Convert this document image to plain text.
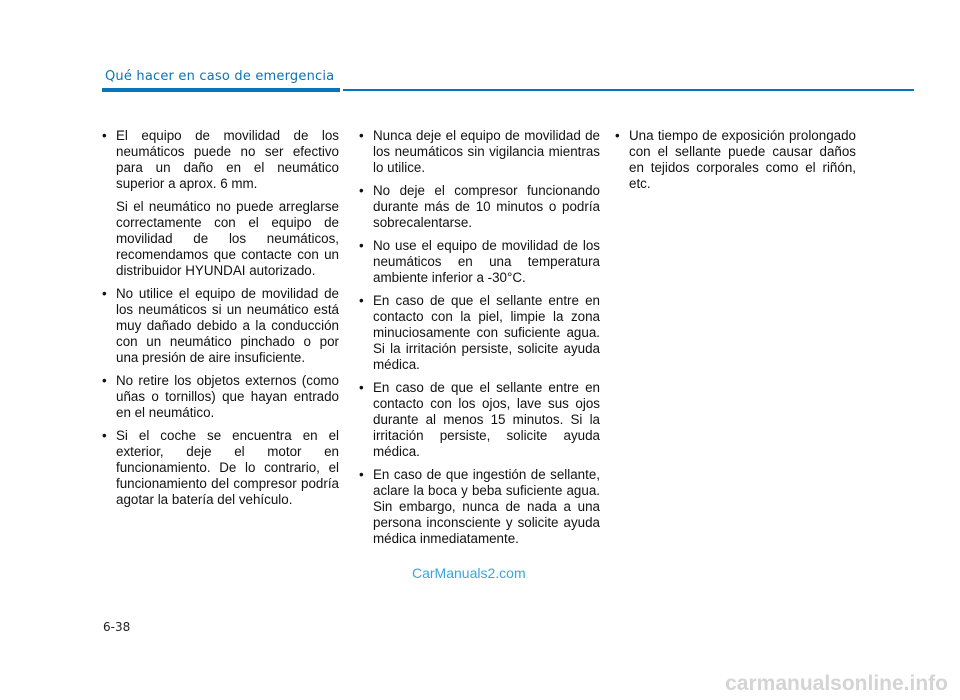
Qué hacer en caso de emergencia
• El equipo de movilidad de los neumáticos puede no ser efectivo para un daño en el neumático superior a aprox. 6 mm.
Si el neumático no puede arreglarse correctamente con el equipo de movilidad de los neumáticos, recomendamos que contacte con un distribuidor HYUNDAI autorizado.
• No utilice el equipo de movilidad de los neumáticos si un neumático está muy dañado debido a la conducción con un neumático pinchado o por una presión de aire insuficiente.
• No retire los objetos externos (como uñas o tornillos) que hayan entrado en el neumático.
• Si el coche se encuentra en el exterior, deje el motor en funcionamiento. De lo contrario, el funcionamiento del compresor podría agotar la batería del vehículo.
• Nunca deje el equipo de movilidad de los neumáticos sin vigilancia mientras lo utilice.
• No deje el compresor funcionando durante más de 10 minutos o podría sobrecalentarse.
• No use el equipo de movilidad de los neumáticos en una temperatura ambiente inferior a -30°C.
• En caso de que el sellante entre en contacto con la piel, limpie la zona minuciosamente con suficiente agua. Si la irritación persiste, solicite ayuda médica.
• En caso de que el sellante entre en contacto con los ojos, lave sus ojos durante al menos 15 minutos. Si la irritación persiste, solicite ayuda médica.
• En caso de que ingestión de sellante, aclare la boca y beba suficiente agua. Sin embargo, nunca de nada a una persona inconsciente y solicite ayuda médica inmediatamente.
• Una tiempo de exposición prolongado con el sellante puede causar daños en tejidos corporales como el riñón, etc.
CarManuals2.com
6-38
carmanualsonline.info
